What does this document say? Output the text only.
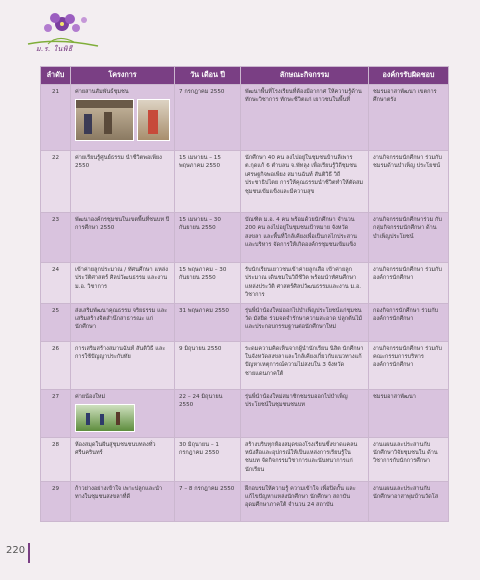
ม.ร. ในพิธี
ลำดับ	โครงการ	วัน เดือน ปี	ลักษณะกิจกรรม	องค์กรรับผิดชอบ
21	ค่ายสานสัมพันธ์ชุมชน	7 กรกฎาคม 2550	พัฒนาพื้นที่โรงเรียนที่ต้องมีอากาศ ให้ความรู้ด้าน ทักษะวิชาการ ทักษะชีวิตแก่ เยาวชนในพื้นที่	ชมรมอาสาพัฒนา เขตการศึกษาตรัง
22	ค่ายเรียนรู้ศูนย์ธรรม นำชีวิตพอเพียง 2550	15 เมษายน – 15 พฤษภาคม 2550	นักศึกษา 40 คน ลงไปอยู่ในชุมชนบ้านลีเพาร ต.กุดแก้ 6 ตำบลน จ.พัทลุง เพื่อเรียนรู้วิถีชุมชน เศรษฐกิจพอเพียง สมานฉันท์ สันติวิธี วิถี ประชาธิปไตย การให้คุณธรรมนำชีวิตทำให้ตัดสม ชุมชนเข้มแข็งและมีความสุข	งานกิจกรรมนักศึกษา ร่วมกับชมรมด้านบำเพ็ญ ประโยชน์
23	พัฒนาองค์กรชุมชนในเขตพื้นที่ชนบท ปีการศึกษา 2550	15 เมษายน – 30 กันยายน 2550	บัณฑิต ม.อ. 4 คน พร้อมด้วยนักศึกษา จำนวน 200 คน ลงไปอยู่ในชุมชนเป้าหมาย จังหวัดสงขลา และพื้นที่ใกล้เคียงเพื่อเป็นกลไกประสานและบริหาร จัดการให้เกิดองค์กรชุมชนเข้มแข็ง	งานกิจกรรมนักศึกษาร่วม กับกลุ่มกิจกรรมนักศึกษา ด้านบำเพ็ญประโยชน์
24	เข้าค่ายลูกประมาณ / ทัศนศึกษา แหล่งประวัติศาสตร์ ศิลปวัฒนธรรม และงาน ม.อ. วิชาการ	15 พฤษภาคม – 30 กันยายน 2550	รับนักเรียนเยาวชนเข้าค่ายลูกเสือ เข้าค่ายลูกประมาณ เดินชมในวิถีชีวิต พร้อมนำทัศนศึกษาแหล่งประวัติ ศาสตร์ศิลปวัฒนธรรมและงาน ม.อ. วิชาการ	งานกิจกรรมนักศึกษา ร่วมกับองค์การนักศึกษา
25	ส่งเสริมพัฒนาคุณธรรม จริยธรรม และเสริมสร้างจิตสำนึกสาธารณะ แก่นักศึกษา	31 พฤษภาคม 2550	รุ่นพี่นำน้องใหม่ออกไปบำเพ็ญประโยชน์แก่ชุมชน วัด มัสยิด ร่วมจดจำรักษาความสะอาด ปลูกต้นไม้ และประกอบกรรมฐานต่อนักศึกษาใหม่	กองกิจการนักศึกษา ร่วมกับองค์การนักศึกษา
26	การเสริมสร้างสมานฉันท์ สันติวิธี และการใช้ปัญญาประกับทัย	9 มิถุนายน 2550	ระดมความคิดเห็นจากผู้นำนักเรียน นิสิต นักศึกษา ในจังหวัดสงขลาและใกล้เคียงเกี่ยวกับแนวทางแก้ ปัญหาเหตุการณ์ความไม่สงบใน 3 จังหวัด ชายแดนภาคใต้	งานกิจกรรมนักศึกษา ร่วมกับคณะกรรมการบริหาร องค์การนักศึกษา
27	ค่ายน้องใหม่	22 – 24 มิถุนายน 2550	รุ่นพี่นำน้องใหม่สมาชิกชมรมออกไปบำเพ็ญ ประโยชน์ในชุมชนชนบท	ชมรมอาสาพัฒนา
28	ห้องสมุดในฝันสู่ชุมชนชนบทลงทั่วศรีนครินทร์	30 มิถุนายน – 1 กรกฎาคม 2550	สร้างบริบทุกห้องสมุดของโรงเรียนซึ่งขาดแคลน หนังสือและอุปกรณ์ให้เป็นแหล่งการเรียนรู้ในชนบท จัดกิจกรรมวิชาการและนันทนาการแก่นักเรียน	งานแผนและประสานกับ นักศึกษาวิจัยชุมชนใน ด้านวิชาการกับนักการศึกษา
29	ก้าวย่างอย่างเข้าใจ เพาะปลูกและนำ ทางในชุมชนสงขลาที่ดี	7 – 8 กรกฎาคม 2550	ฝึกอบรมให้ความรู้ ความเข้าใจ เพื่อปิดกั้น และแก้ไขปัญหาแหล่งนักศึกษา นักศึกษา สถาบัน อุดมศึกษาภาคใต้ จำนวน 24 สถาบัน	งานแผนและประสานกับ นักศึกษาอาสาพุ่มบ้านวัดโส
220
